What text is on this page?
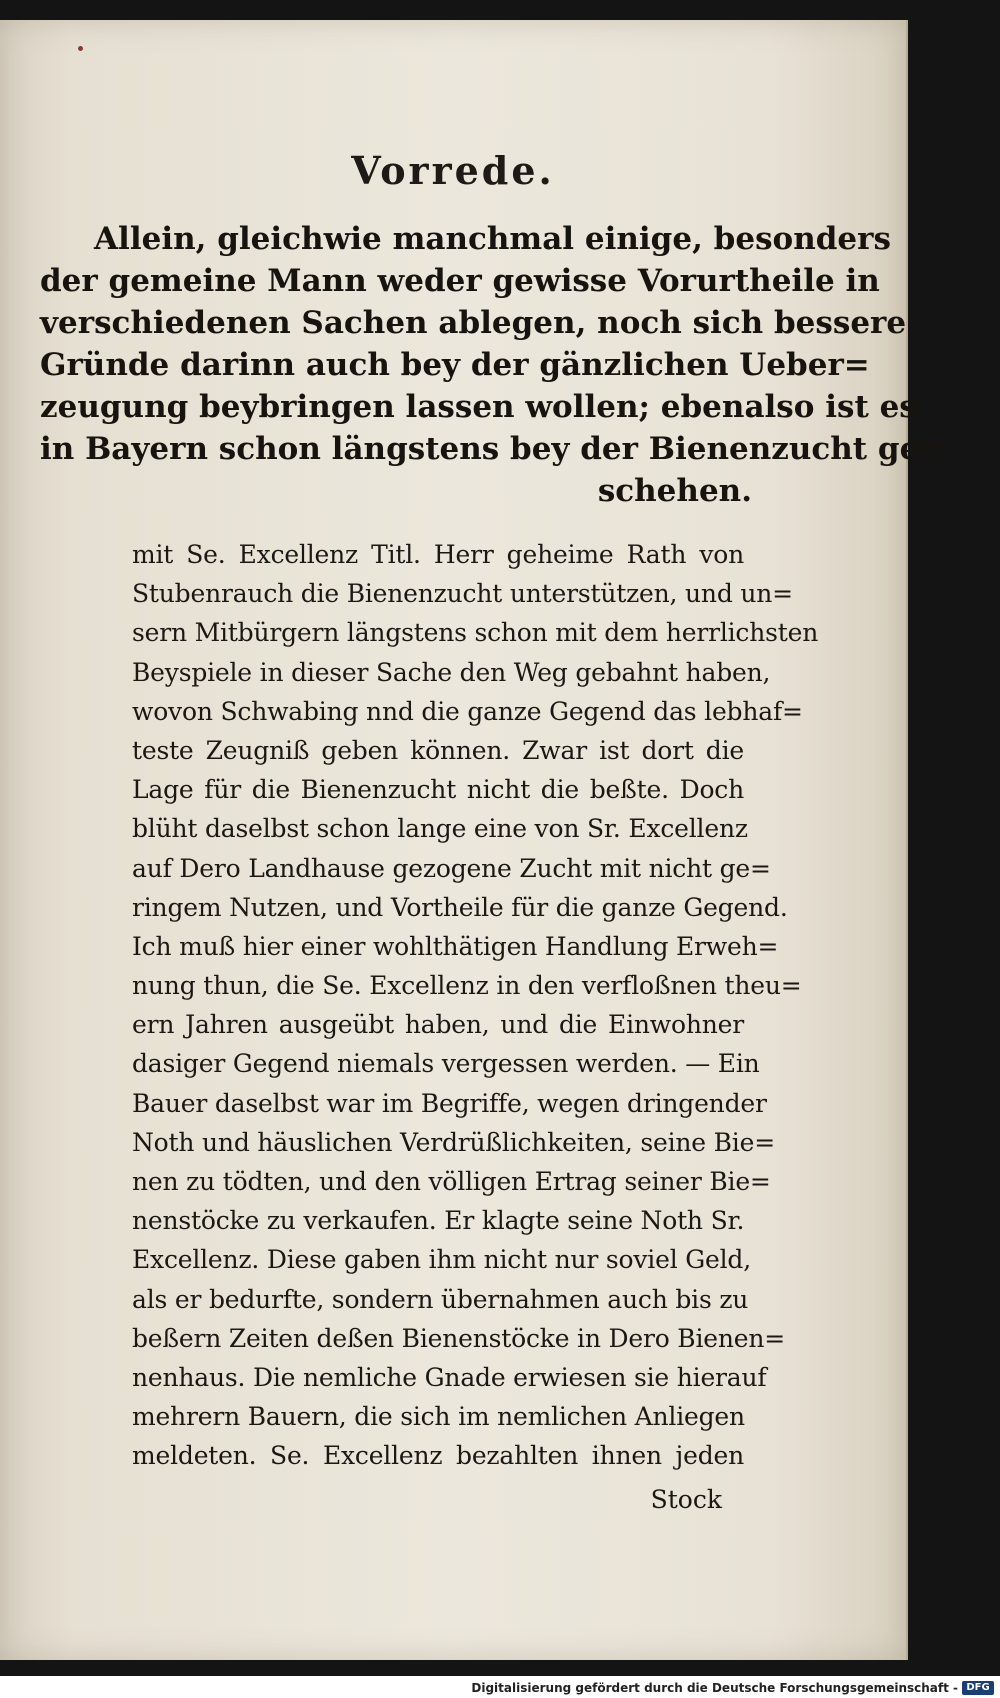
Vorrede.
Allein, gleichwie manchmal einige, besonders
der gemeine Mann weder gewisse Vorurtheile in
verschiedenen Sachen ablegen, noch sich bessere
Gründe darinn auch bey der gänzlichen Ueber=
zeugung beybringen lassen wollen; ebenalso ist es
in Bayern schon längstens bey der Bienenzucht ge=
schehen.
mit Se. Excellenz Titl. Herr geheime Rath von
Stubenrauch die Bienenzucht unterstützen, und un=
sern Mitbürgern längstens schon mit dem herrlichsten
Beyspiele in dieser Sache den Weg gebahnt haben,
wovon Schwabing nnd die ganze Gegend das lebhaf=
teste Zeugniß geben können. Zwar ist dort die
Lage für die Bienenzucht nicht die beßte. Doch
blüht daselbst schon lange eine von Sr. Excellenz
auf Dero Landhause gezogene Zucht mit nicht ge=
ringem Nutzen, und Vortheile für die ganze Gegend.
Ich muß hier einer wohlthätigen Handlung Erweh=
nung thun, die Se. Excellenz in den verfloßnen theu=
ern Jahren ausgeübt haben, und die Einwohner
dasiger Gegend niemals vergessen werden. — Ein
Bauer daselbst war im Begriffe, wegen dringender
Noth und häuslichen Verdrüßlichkeiten, seine Bie=
nen zu tödten, und den völligen Ertrag seiner Bie=
nenstöcke zu verkaufen. Er klagte seine Noth Sr.
Excellenz. Diese gaben ihm nicht nur soviel Geld,
als er bedurfte, sondern übernahmen auch bis zu
beßern Zeiten deßen Bienenstöcke in Dero Bienen=
nenhaus. Die nemliche Gnade erwiesen sie hierauf
mehrern Bauern, die sich im nemlichen Anliegen
meldeten. Se. Excellenz bezahlten ihnen jeden
Stock
Digitalisierung gefördert durch die Deutsche Forschungsgemeinschaft - DFG
